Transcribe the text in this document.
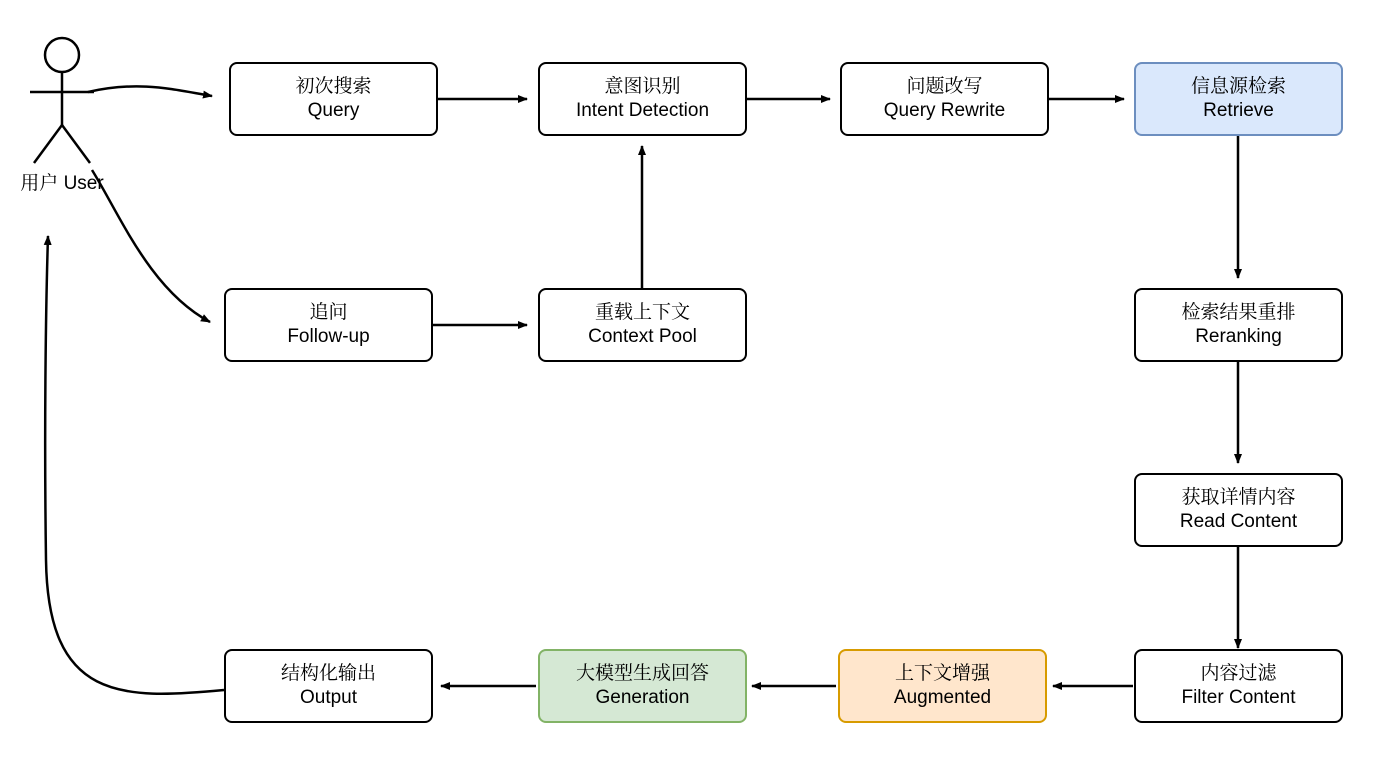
用户 User
初次搜索
Query
意图识别
Intent Detection
问题改写
Query Rewrite
信息源检索
Retrieve
追问
Follow-up
重载上下文
Context Pool
检索结果重排
Reranking
获取详情内容
Read Content
内容过滤
Filter Content
上下文增强
Augmented
大模型生成回答
Generation
结构化输出
Output
